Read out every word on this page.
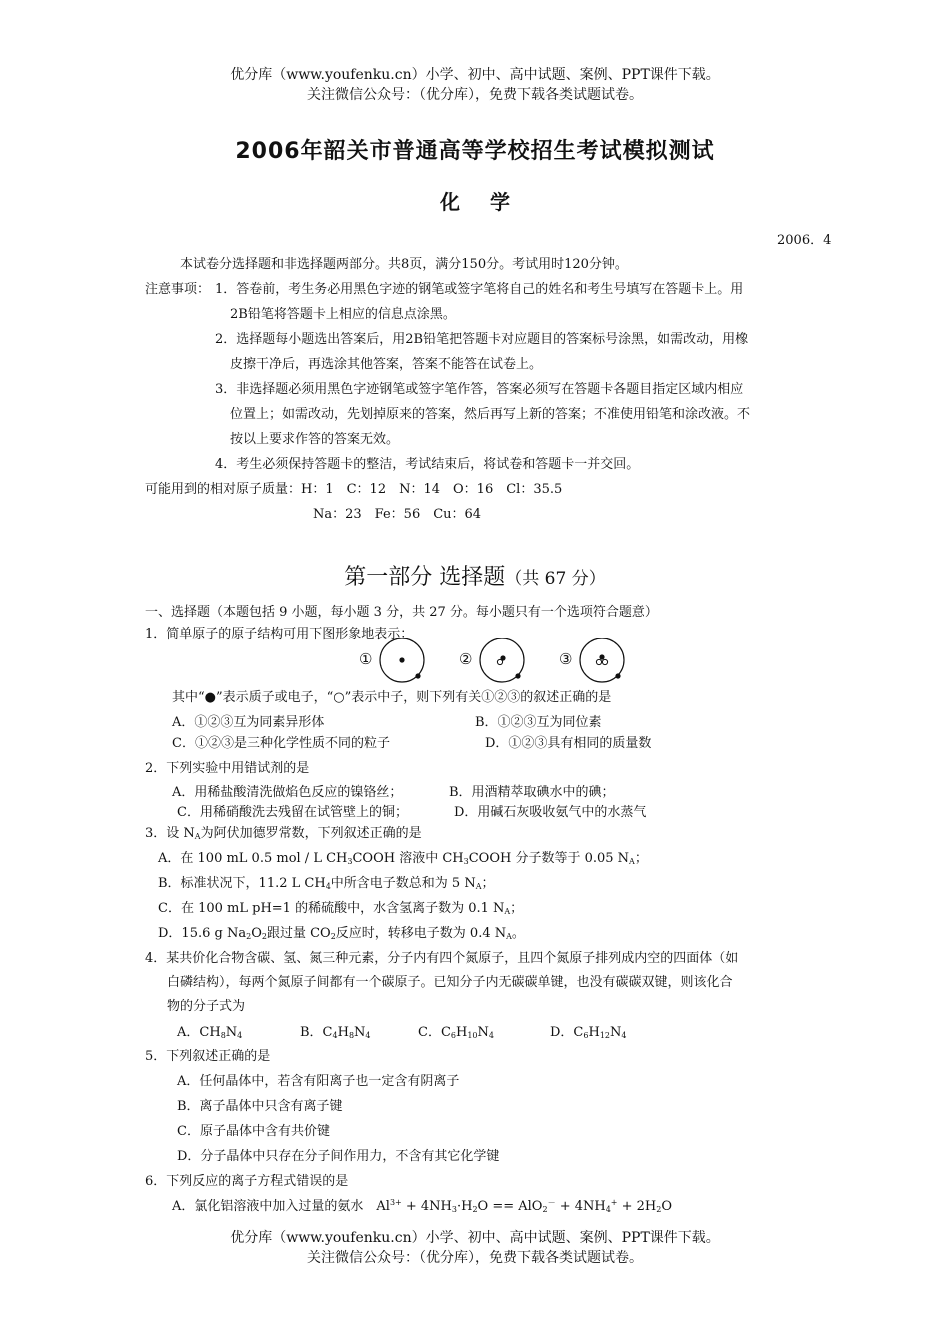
优分库（www.youfenku.cn）小学、初中、高中试题、案例、PPT课件下载。
关注微信公众号：（优分库），免费下载各类试题试卷。
2006年韶关市普通高等学校招生考试模拟测试
化学
2006．4
本试卷分选择题和非选择题两部分。共8页，满分150分。考试用时120分钟。
注意事项： 1．答卷前，考生务必用黑色字迹的钢笔或签字笔将自己的姓名和考生号填写在答题卡上。用
2B铅笔将答题卡上相应的信息点涂黑。
2．选择题每小题选出答案后，用2B铅笔把答题卡对应题目的答案标号涂黑，如需改动，用橡
皮擦干净后，再选涂其他答案，答案不能答在试卷上。
3．非选择题必须用黑色字迹钢笔或签字笔作答，答案必须写在答题卡各题目指定区域内相应
位置上；如需改动，先划掉原来的答案，然后再写上新的答案；不准使用铅笔和涂改液。不
按以上要求作答的答案无效。
4．考生必须保持答题卡的整洁，考试结束后，将试卷和答题卡一并交回。
可能用到的相对原子质量：H：1　C：12　N：14　O：16　Cl：35.5
Na：23　Fe：56　Cu：64
第一部分 选择题（共 67 分）
一、选择题（本题包括 9 小题，每小题 3 分，共 27 分。每小题只有一个选项符合题意）
1．简单原子的原子结构可用下图形象地表示：
①	②	③
其中“●”表示质子或电子，“○”表示中子，则下列有关①②③的叙述正确的是
A．①②③互为同素异形体	B．①②③互为同位素
C．①②③是三种化学性质不同的粒子	D．①②③具有相同的质量数
2．下列实验中用错试剂的是
A．用稀盐酸清洗做焰色反应的镍铬丝；	B．用酒精萃取碘水中的碘；
C．用稀硝酸洗去残留在试管壁上的铜；	D．用碱石灰吸收氨气中的水蒸气
3．设 $N_A$为阿伏加德罗常数，下列叙述正确的是
A．在 100 mL 0.5 mol / L $CH_3COOH$ 溶液中 $CH_3COOH$ 分子数等于 0.05 $N_A$；
B．标准状况下，11.2 L $CH_4$中所含电子数总和为 5 $N_A$；
C．在 100 mL pH=1 的稀硫酸中，水含氢离子数为 0.1 $N_A$；
D．15.6 g $Na_2O_2$跟过量 $CO_2$反应时，转移电子数为 0.4 $N_A$。
4．某共价化合物含碳、氢、氮三种元素，分子内有四个氮原子，且四个氮原子排列成内空的四面体（如
白磷结构），每两个氮原子间都有一个碳原子。已知分子内无碳碳单键，也没有碳碳双键，则该化合
物的分子式为
A．$CH_8N_4$	B．$C_4H_8N_4$	C．$C_6H_{10}N_4$	D．$C_6H_{12}N_4$
5．下列叙述正确的是
A．任何晶体中，若含有阳离子也一定含有阴离子
B．离子晶体中只含有离子键
C．原子晶体中含有共价键
D．分子晶体中只存在分子间作用力，不含有其它化学键
6．下列反应的离子方程式错误的是
A．氯化铝溶液中加入过量的氨水　$Al^{3+} + 4NH_3\cdot H_2O == AlO_2^- + 4NH_4^+ + 2H_2O$
优分库（www.youfenku.cn）小学、初中、高中试题、案例、PPT课件下载。
关注微信公众号：（优分库），免费下载各类试题试卷。
